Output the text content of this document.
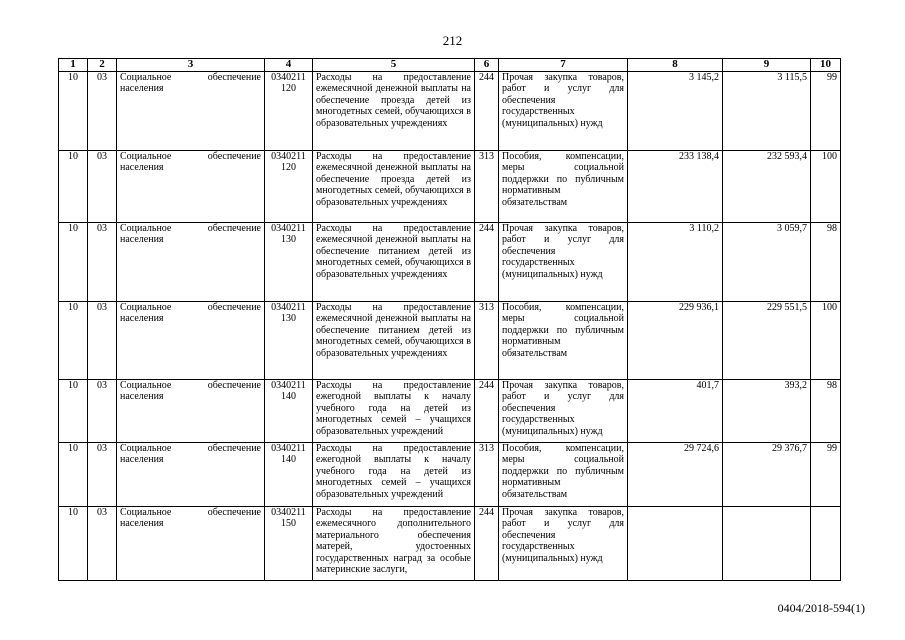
212
1	2	3	4	5	6	7	8	9	10
10	03	Социальное обеспечение населения	0340211 120	Расходы на предоставление ежемесячной денежной выплаты на обеспечение проезда детей из многодетных семей, обучающихся в образовательных учреждениях	244	Прочая закупка товаров, работ и услуг для обеспечения государственных (муниципальных) нужд	3 145,2	3 115,5	99
10	03	Социальное обеспечение населения	0340211 120	Расходы на предоставление ежемесячной денежной выплаты на обеспечение проезда детей из многодетных семей, обучающихся в образовательных учреждениях	313	Пособия, компенсации, меры социальной поддержки по публичным нормативным обязательствам	233 138,4	232 593,4	100
10	03	Социальное обеспечение населения	0340211 130	Расходы на предоставление ежемесячной денежной выплаты на обеспечение питанием детей из многодетных семей, обучающихся в образовательных учреждениях	244	Прочая закупка товаров, работ и услуг для обеспечения государственных (муниципальных) нужд	3 110,2	3 059,7	98
10	03	Социальное обеспечение населения	0340211 130	Расходы на предоставление ежемесячной денежной выплаты на обеспечение питанием детей из многодетных семей, обучающихся в образовательных учреждениях	313	Пособия, компенсации, меры социальной поддержки по публичным нормативным обязательствам	229 936,1	229 551,5	100
10	03	Социальное обеспечение населения	0340211 140	Расходы на предоставление ежегодной выплаты к началу учебного года на детей из многодетных семей – учащихся образовательных учреждений	244	Прочая закупка товаров, работ и услуг для обеспечения государственных (муниципальных) нужд	401,7	393,2	98
10	03	Социальное обеспечение населения	0340211 140	Расходы на предоставление ежегодной выплаты к началу учебного года на детей из многодетных семей – учащихся образовательных учреждений	313	Пособия, компенсации, меры социальной поддержки по публичным нормативным обязательствам	29 724,6	29 376,7	99
10	03	Социальное обеспечение населения	0340211 150	Расходы на предоставление ежемесячного дополнительного материального обеспечения матерей, удостоенных государственных наград за особые материнские заслуги,	244	Прочая закупка товаров, работ и услуг для обеспечения государственных (муниципальных) нужд			
0404/2018-594(1)
